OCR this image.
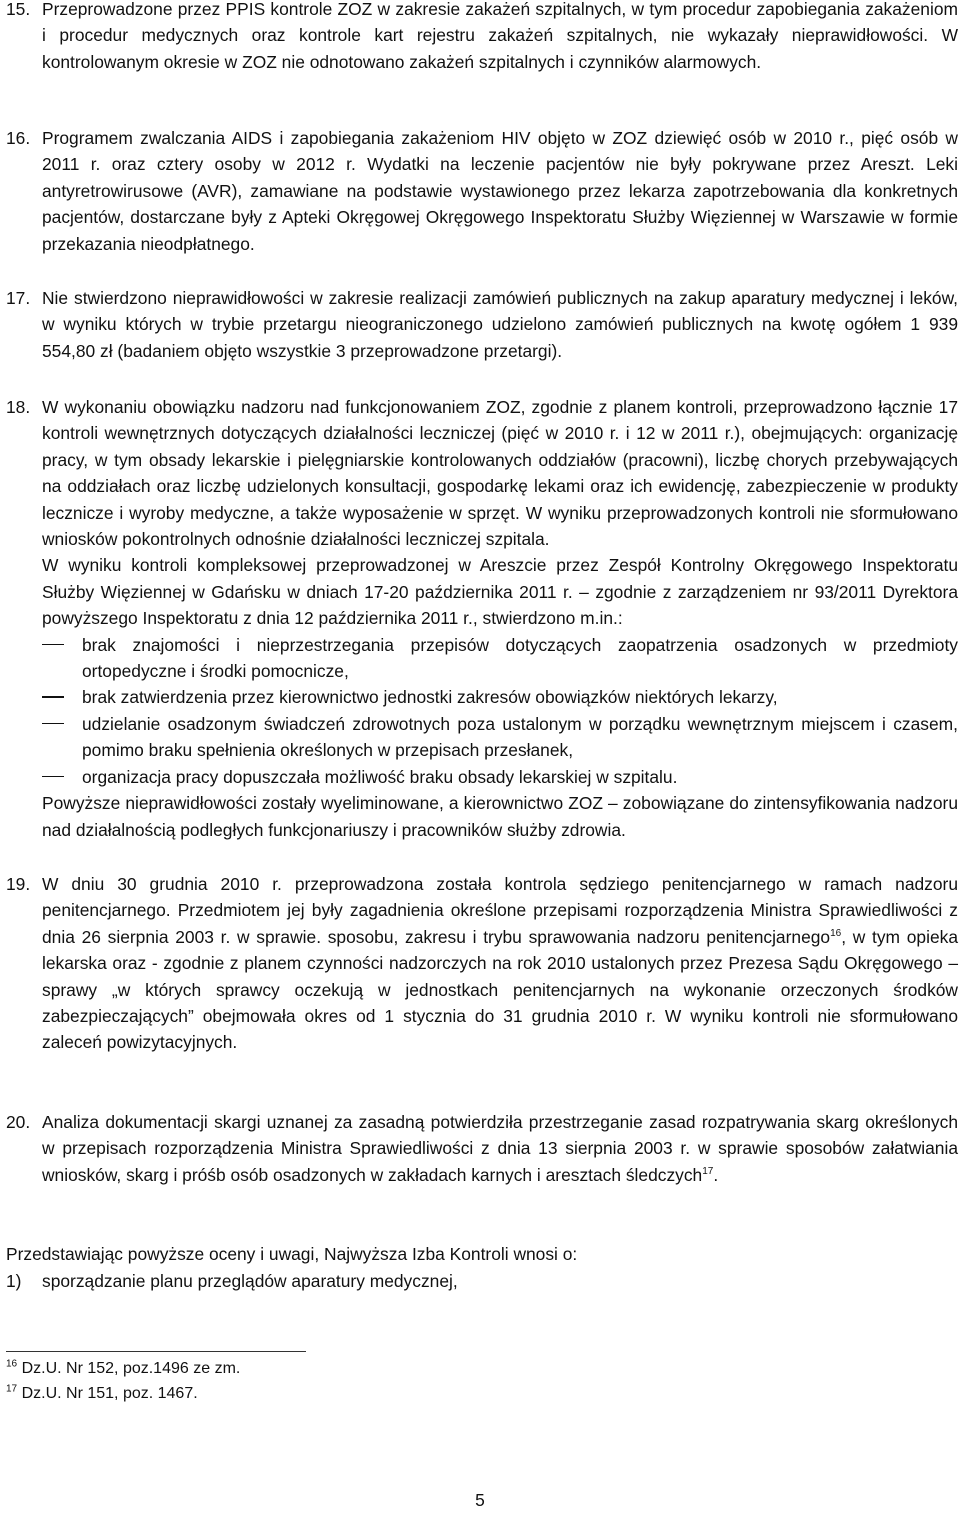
15. Przeprowadzone przez PPIS kontrole ZOZ w zakresie zakażeń szpitalnych, w tym procedur zapobiegania zakażeniom i procedur medycznych oraz kontrole kart rejestru zakażeń szpitalnych, nie wykazały nieprawidłowości. W kontrolowanym okresie w ZOZ nie odnotowano zakażeń szpitalnych i czynników alarmowych.
16. Programem zwalczania AIDS i zapobiegania zakażeniom HIV objęto w ZOZ dziewięć osób w 2010 r., pięć osób w 2011 r. oraz cztery osoby w 2012 r. Wydatki na leczenie pacjentów nie były pokrywane przez Areszt. Leki antyretrowirusowe (AVR), zamawiane na podstawie wystawionego przez lekarza zapotrzebowania dla konkretnych pacjentów, dostarczane były z Apteki Okręgowej Okręgowego Inspektoratu Służby Więziennej w Warszawie w formie przekazania nieodpłatnego.
17. Nie stwierdzono nieprawidłowości w zakresie realizacji zamówień publicznych na zakup aparatury medycznej i leków, w wyniku których w trybie przetargu nieograniczonego udzielono zamówień publicznych na kwotę ogółem 1 939 554,80 zł (badaniem objęto wszystkie 3 przeprowadzone przetargi).
18. W wykonaniu obowiązku nadzoru nad funkcjonowaniem ZOZ, zgodnie z planem kontroli, przeprowadzono łącznie 17 kontroli wewnętrznych dotyczących działalności leczniczej (pięć w 2010 r. i 12 w 2011 r.), obejmujących: organizację pracy, w tym obsady lekarskie i pielęgniarskie kontrolowanych oddziałów (pracowni), liczbę chorych przebywających na oddziałach oraz liczbę udzielonych konsultacji, gospodarkę lekami oraz ich ewidencję, zabezpieczenie w produkty lecznicze i wyroby medyczne, a także wyposażenie w sprzęt. W wyniku przeprowadzonych kontroli nie sformułowano wniosków pokontrolnych odnośnie działalności leczniczej szpitala.

W wyniku kontroli kompleksowej przeprowadzonej w Areszcie przez Zespół Kontrolny Okręgowego Inspektoratu Służby Więziennej w Gdańsku w dniach 17-20 października 2011 r. – zgodnie z zarządzeniem nr 93/2011 Dyrektora powyższego Inspektoratu z dnia 12 października 2011 r., stwierdzono m.in.:

brak znajomości i nieprzestrzegania przepisów dotyczących zaopatrzenia osadzonych w przedmioty ortopedyczne i środki pomocnicze,
brak zatwierdzenia przez kierownictwo jednostki zakresów obowiązków niektórych lekarzy,
udzielanie osadzonym świadczeń zdrowotnych poza ustalonym w porządku wewnętrznym miejscem i czasem, pomimo braku spełnienia określonych w przepisach przesłanek,
organizacja pracy dopuszczała możliwość braku obsady lekarskiej w szpitalu.

Powyższe nieprawidłowości zostały wyeliminowane, a kierownictwo ZOZ – zobowiązane do zintensyfikowania nadzoru nad działalnością podległych funkcjonariuszy i pracowników służby zdrowia.

19. W dniu 30 grudnia 2010 r. przeprowadzona została kontrola sędziego penitencjarnego w ramach nadzoru penitencjarnego. Przedmiotem jej były zagadnienia określone przepisami rozporządzenia Ministra Sprawiedliwości z dnia 26 sierpnia 2003 r. w sprawie. sposobu, zakresu i trybu sprawowania nadzoru penitencjarnego$^{16}$, w tym opieka lekarska oraz - zgodnie z planem czynności nadzorczych na rok 2010 ustalonych przez Prezesa Sądu Okręgowego – sprawy „w których sprawcy oczekują w jednostkach penitencjarnych na wykonanie orzeczonych środków zabezpieczających” obejmowała okres od 1 stycznia do 31 grudnia 2010 r. W wyniku kontroli nie sformułowano zaleceń powizytacyjnych.
20. Analiza dokumentacji skargi uznanej za zasadną potwierdziła przestrzeganie zasad rozpatrywania skarg określonych w przepisach rozporządzenia Ministra Sprawiedliwości z dnia 13 sierpnia 2003 r. w sprawie sposobów załatwiania wniosków, skarg i próśb osób osadzonych w zakładach karnych i aresztach śledczych$^{17}$.
Przedstawiając powyższe oceny i uwagi, Najwyższa Izba Kontroli wnosi o:
1) sporządzanie planu przeglądów aparatury medycznej,
$^{16}$ Dz.U. Nr 152, poz.1496 ze zm.
$^{17}$ Dz.U. Nr 151, poz. 1467.
5
